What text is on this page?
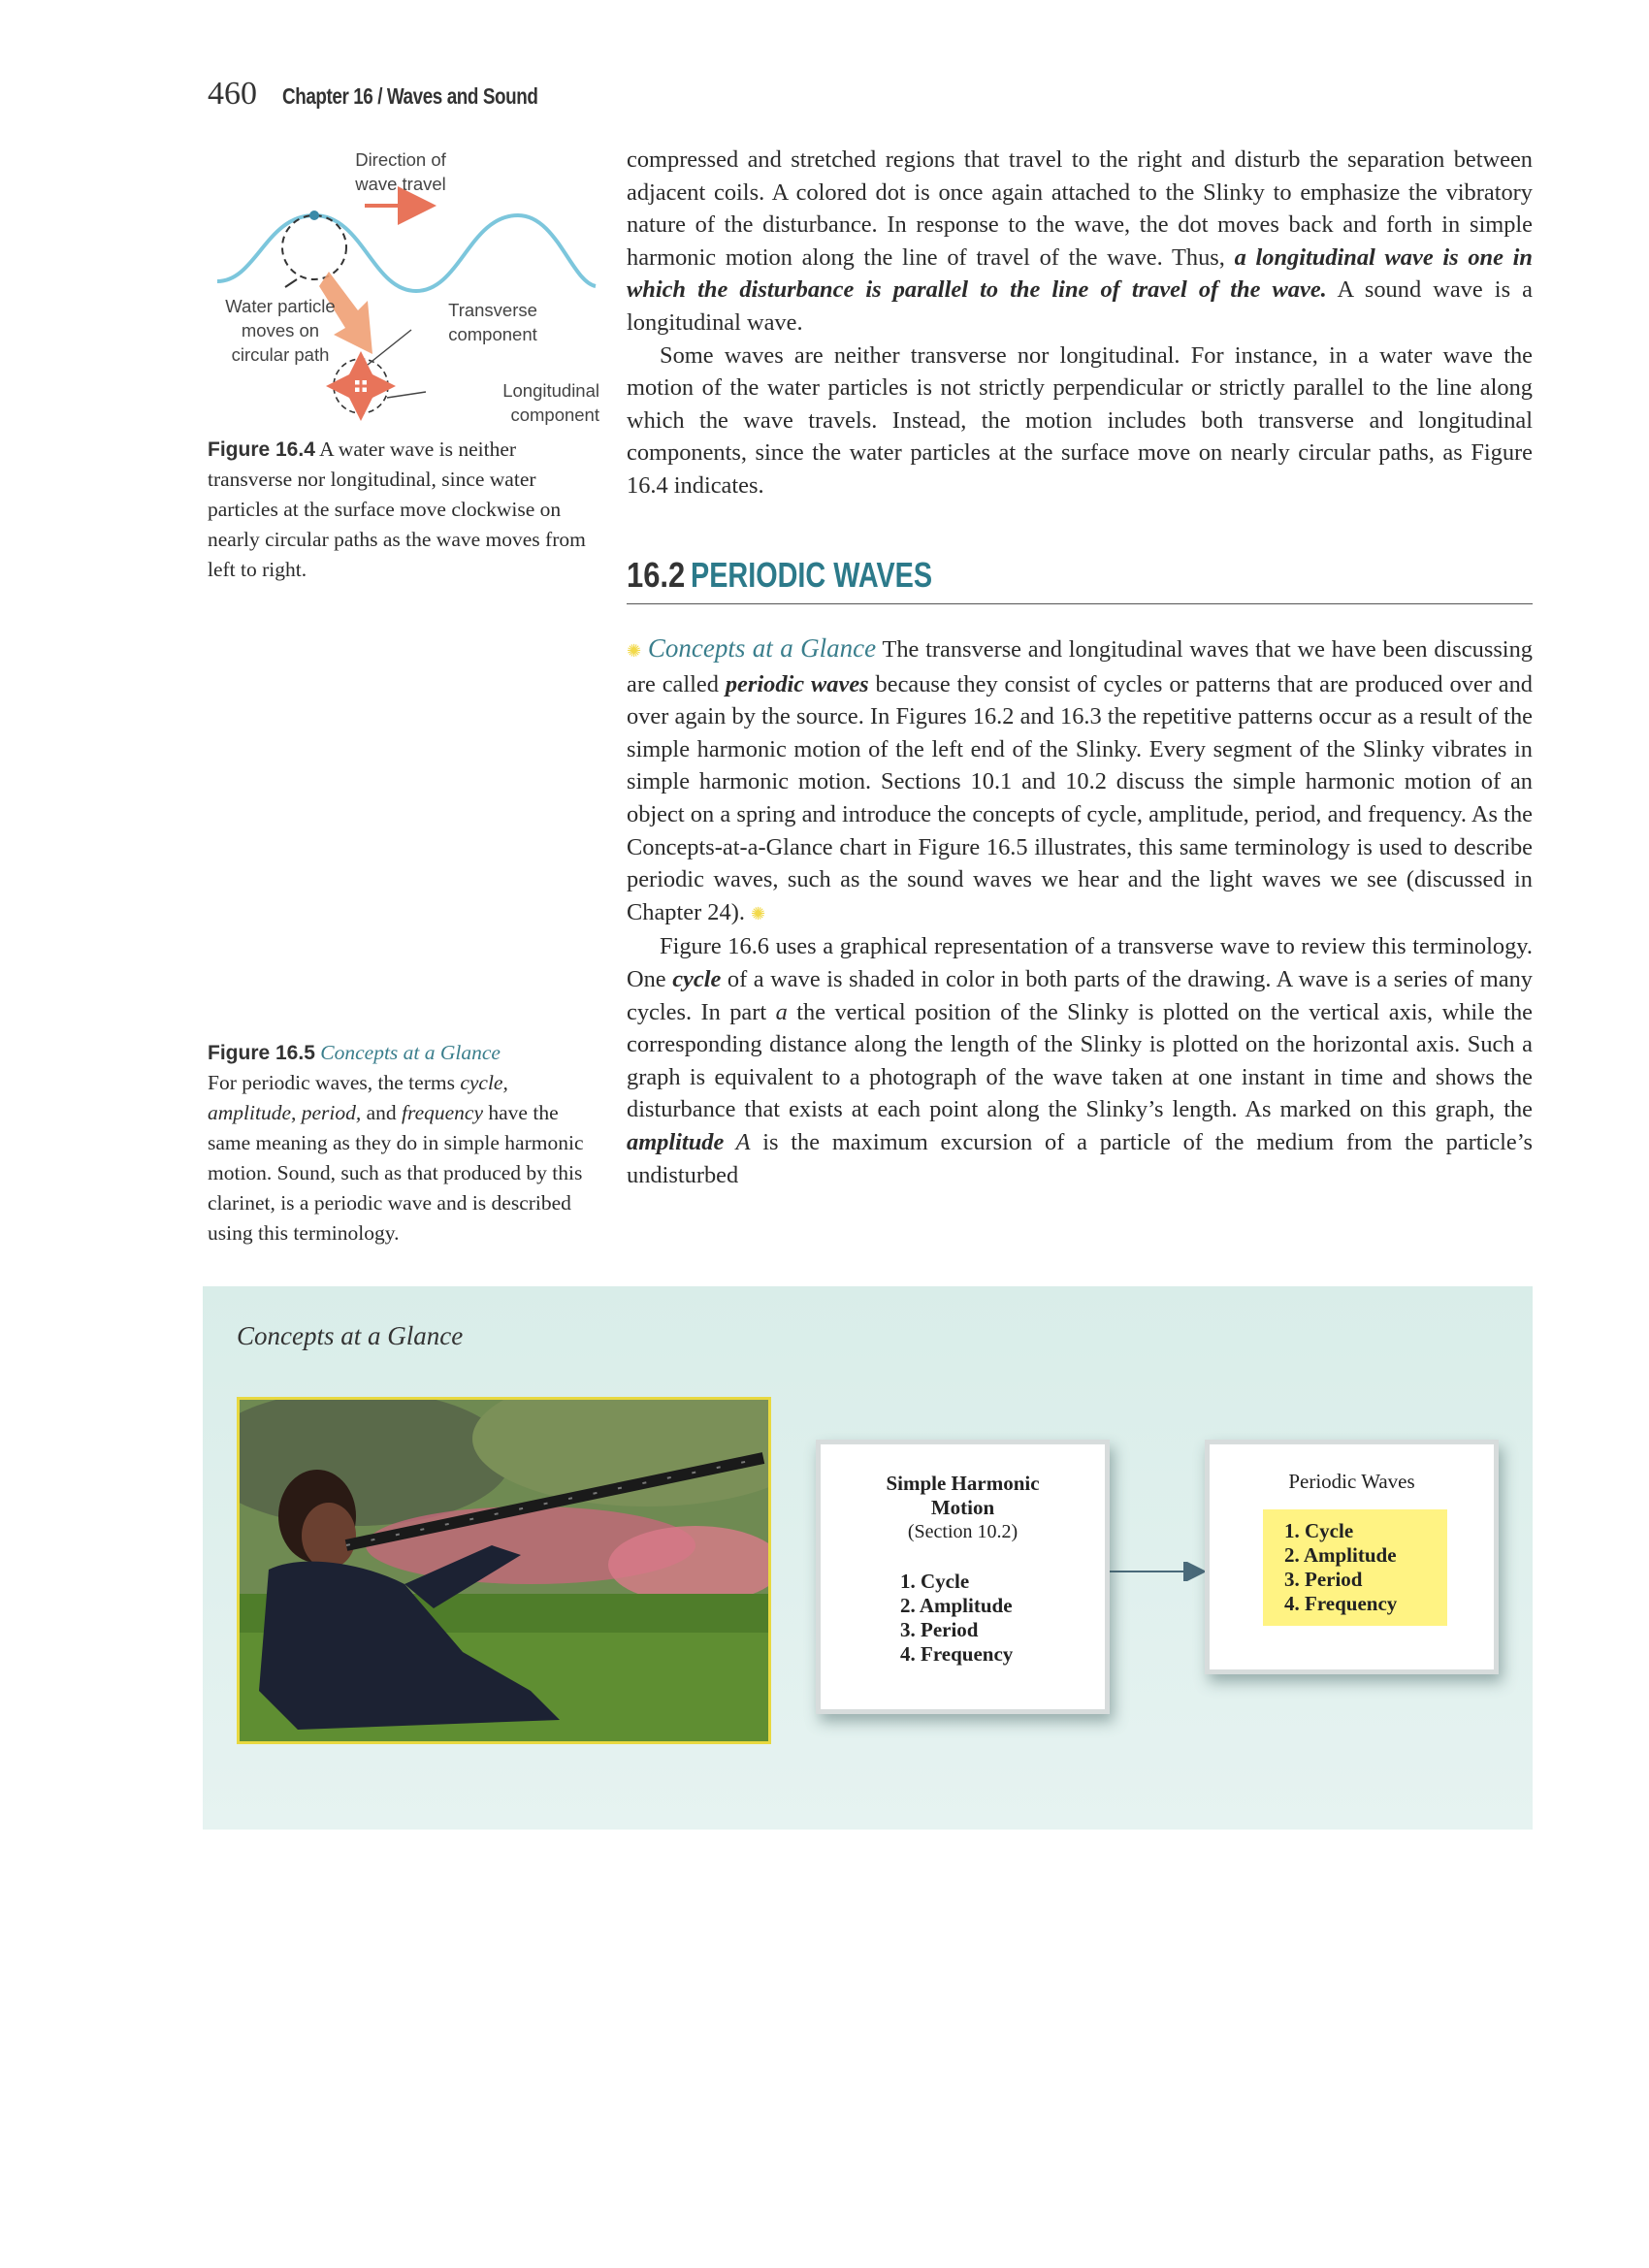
460 Chapter 16 / Waves and Sound
Direction of
wave travel
Water particle
moves on
circular path
Transverse
component
Longitudinal
component
Figure 16.4 A water wave is neither transverse nor longitudinal, since water particles at the surface move clockwise on nearly circular paths as the wave moves from left to right.

compressed and stretched regions that travel to the right and disturb the separation between adjacent coils. A colored dot is once again attached to the Slinky to emphasize the vibratory nature of the disturbance. In response to the wave, the dot moves back and forth in simple harmonic motion along the line of travel of the wave. Thus, a longitudinal wave is one in which the disturbance is parallel to the line of travel of the wave. A sound wave is a longitudinal wave.

Some waves are neither transverse nor longitudinal. For instance, in a water wave the motion of the water particles is not strictly perpendicular or strictly parallel to the line along which the wave travels. Instead, the motion includes both transverse and longitudinal components, since the water particles at the surface move on nearly circular paths, as Figure 16.4 indicates.

16.2 PERIODIC WAVES

✺ Concepts at a Glance The transverse and longitudinal waves that we have been discussing are called periodic waves because they consist of cycles or patterns that are produced over and over again by the source. In Figures 16.2 and 16.3 the repetitive patterns occur as a result of the simple harmonic motion of the left end of the Slinky. Every segment of the Slinky vibrates in simple harmonic motion. Sections 10.1 and 10.2 discuss the simple harmonic motion of an object on a spring and introduce the concepts of cycle, amplitude, period, and frequency. As the Concepts-at-a-Glance chart in Figure 16.5 illustrates, this same terminology is used to describe periodic waves, such as the sound waves we hear and the light waves we see (discussed in Chapter 24). ✺

Figure 16.6 uses a graphical representation of a transverse wave to review this terminology. One cycle of a wave is shaded in color in both parts of the drawing. A wave is a series of many cycles. In part a the vertical position of the Slinky is plotted on the vertical axis, while the corresponding distance along the length of the Slinky is plotted on the horizontal axis. Such a graph is equivalent to a photograph of the wave taken at one instant in time and shows the disturbance that exists at each point along the Slinky’s length. As marked on this graph, the amplitude A is the maximum excursion of a particle of the medium from the particle’s undisturbed

Figure 16.5 Concepts at a Glance
For periodic waves, the terms cycle, amplitude, period, and frequency have the same meaning as they do in simple harmonic motion. Sound, such as that produced by this clarinet, is a periodic wave and is described using this terminology.
Concepts at a Glance
Simple Harmonic Motion
(Section 10.2)
1. Cycle
2. Amplitude
3. Period
4. Frequency
Periodic Waves
1. Cycle
2. Amplitude
3. Period
4. Frequency
